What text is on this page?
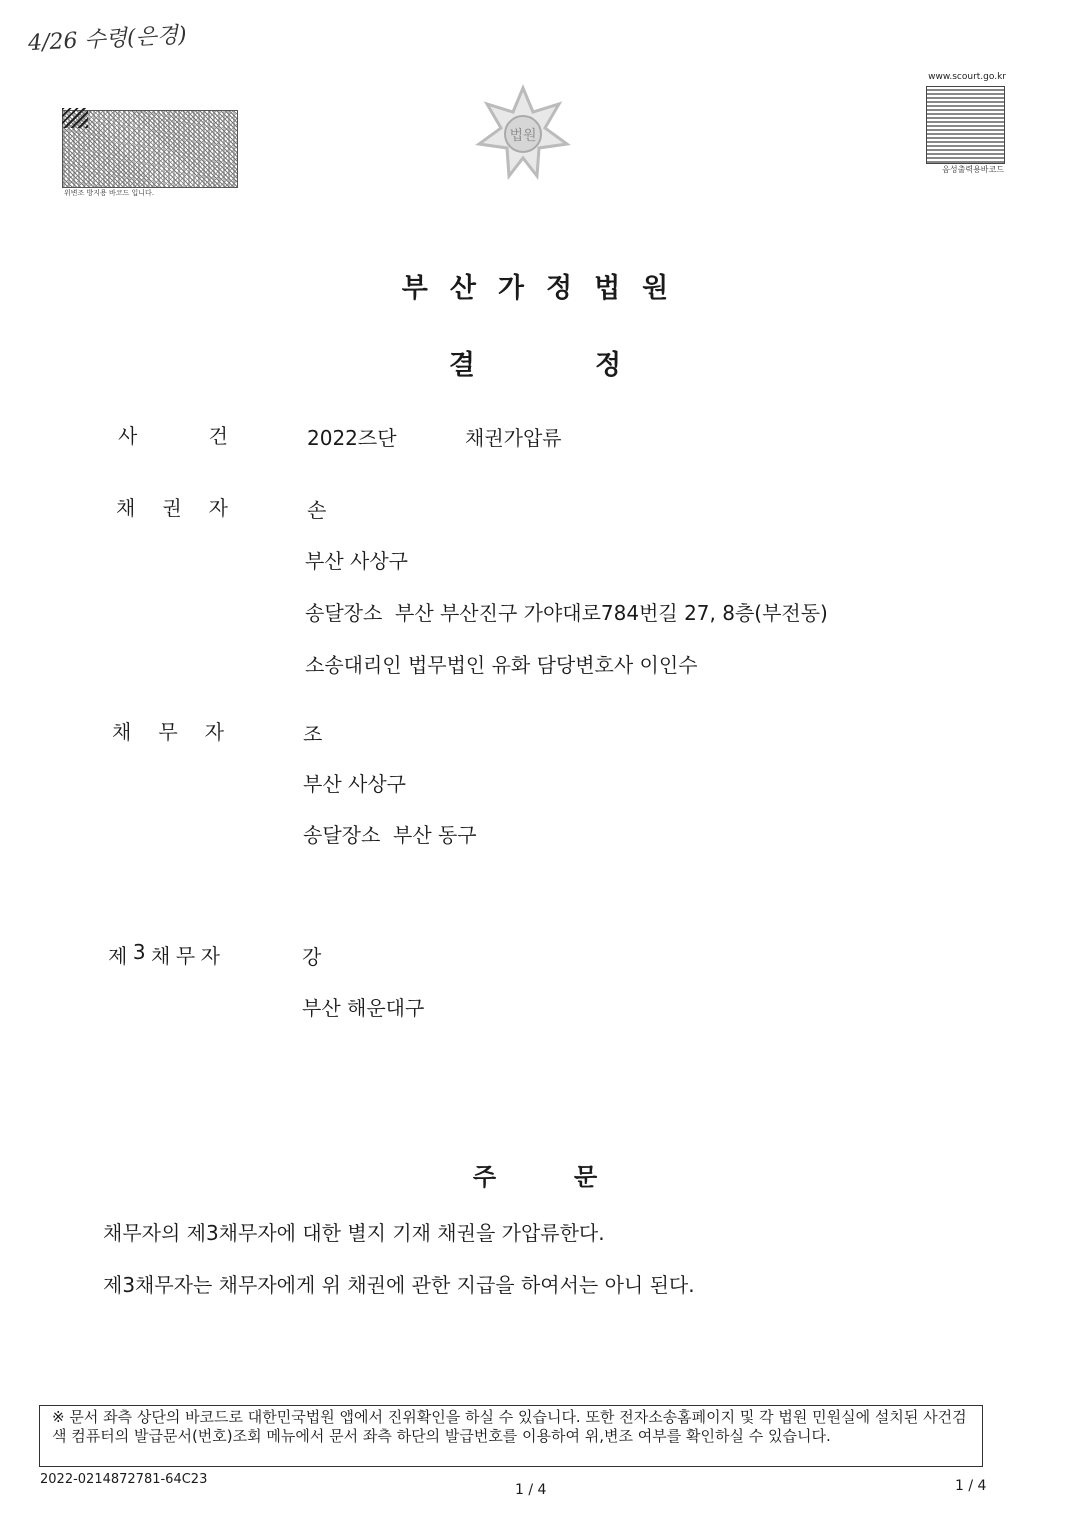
4/26 수령(은경)
위변조 방지용 바코드 입니다.
법원
www.scourt.go.kr
음성출력용바코드
부산가정법원
결정
사	건	2022즈단	채권가압류
채 권 자	손
부산 사상구
송달장소  부산 부산진구 가야대로784번길 27, 8층(부전동)
소송대리인 법무법인 유화 담당변호사 이인수
채 무 자	조
부산 사상구
송달장소  부산 동구
제 3 채 무 자	강
부산 해운대구
주문
채무자의 제3채무자에 대한 별지 기재 채권을 가압류한다.
제3채무자는 채무자에게 위 채권에 관한 지급을 하여서는 아니 된다.
※ 문서 좌측 상단의 바코드로 대한민국법원 앱에서 진위확인을 하실 수 있습니다. 또한 전자소송홈페이지 및 각 법원 민원실에 설치된 사건검색 컴퓨터의 발급문서(번호)조회 메뉴에서 문서 좌측 하단의 발급번호를 이용하여 위,변조 여부를 확인하실 수 있습니다.
2022-0214872781-64C23
1 / 4	1 / 4
